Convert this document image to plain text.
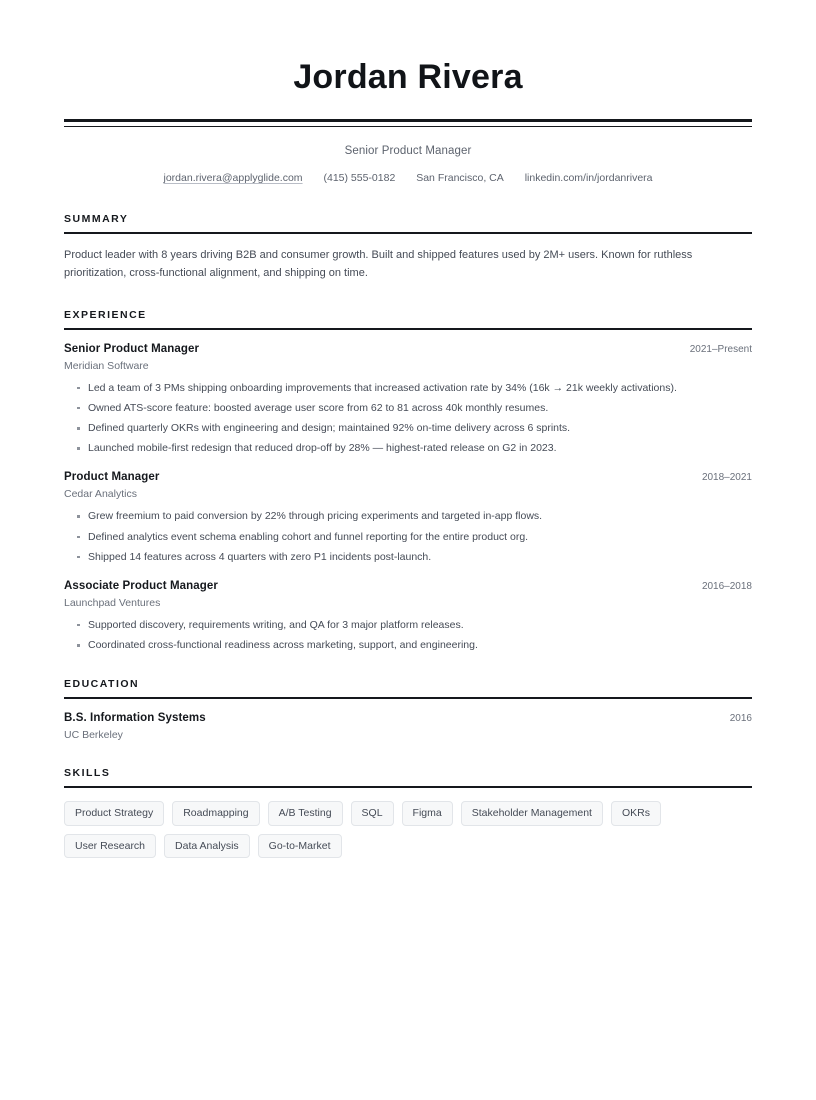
Jordan Rivera
Senior Product Manager
jordan.rivera@applyglide.com (415) 555-0182 San Francisco, CA linkedin.com/in/jordanrivera
SUMMARY

Product leader with 8 years driving B2B and consumer growth. Built and shipped features used by 2M+ users. Known for ruthless prioritization, cross-functional alignment, and shipping on time.

EXPERIENCE
Senior Product Manager	2021–Present
Meridian Software
Led a team of 3 PMs shipping onboarding improvements that increased activation rate by 34% (16k → 21k weekly activations).
Owned ATS-score feature: boosted average user score from 62 to 81 across 40k monthly resumes.
Defined quarterly OKRs with engineering and design; maintained 92% on-time delivery across 6 sprints.
Launched mobile-first redesign that reduced drop-off by 28% — highest-rated release on G2 in 2023.
Product Manager	2018–2021
Cedar Analytics
Grew freemium to paid conversion by 22% through pricing experiments and targeted in-app flows.
Defined analytics event schema enabling cohort and funnel reporting for the entire product org.
Shipped 14 features across 4 quarters with zero P1 incidents post-launch.
Associate Product Manager	2016–2018
Launchpad Ventures
Supported discovery, requirements writing, and QA for 3 major platform releases.
Coordinated cross-functional readiness across marketing, support, and engineering.
EDUCATION
B.S. Information Systems	2016
UC Berkeley
SKILLS
Product Strategy	Roadmapping	A/B Testing	SQL	Figma	Stakeholder Management	OKRs
User Research	Data Analysis	Go-to-Market
